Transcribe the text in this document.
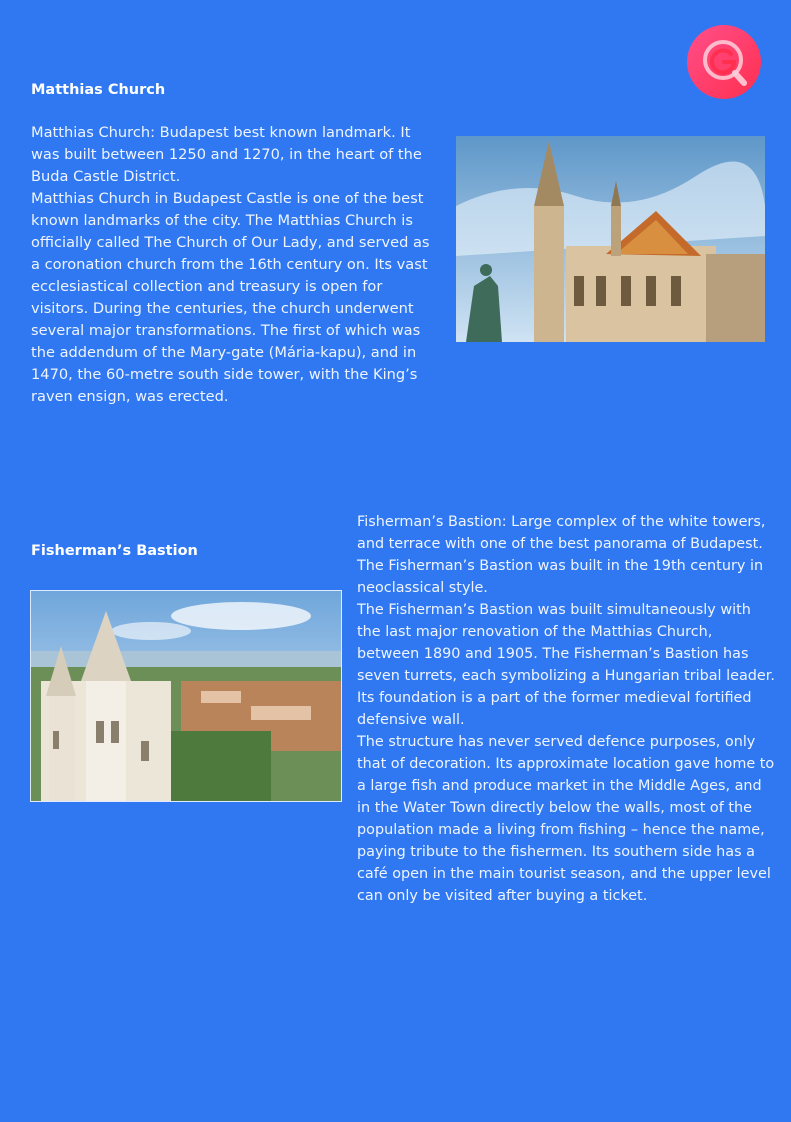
Matthias Church

Matthias Church: Budapest best known landmark. It was built between 1250 and 1270, in the heart of the Buda Castle District.

Matthias Church in Budapest Castle is one of the best known landmarks of the city. The Matthias Church is officially called The Church of Our Lady, and served as a coronation church from the 16th century on. Its vast ecclesiastical collection and treasury is open for visitors. During the centuries, the church underwent several major transformations. The first of which was the addendum of the Mary-gate (Mária-kapu), and in 1470, the 60-metre south side tower, with the King’s raven ensign, was erected.

Fisherman’s Bastion

Fisherman’s Bastion: Large complex of the white towers, and terrace with one of the best panorama of Budapest. The Fisherman’s Bastion was built in the 19th century in neoclassical style.

The Fisherman’s Bastion was built simultaneously with the last major renovation of the Matthias Church, between 1890 and 1905. The Fisherman’s Bastion has seven turrets, each symbolizing a Hungarian tribal leader. Its foundation is a part of the former medieval fortified defensive wall.

The structure has never served defence purposes, only that of decoration. Its approximate location gave home to a large fish and produce market in the Middle Ages, and in the Water Town directly below the walls, most of the population made a living from fishing – hence the name, paying tribute to the fishermen. Its southern side has a café open in the main tourist season, and the upper level can only be visited after buying a ticket.
